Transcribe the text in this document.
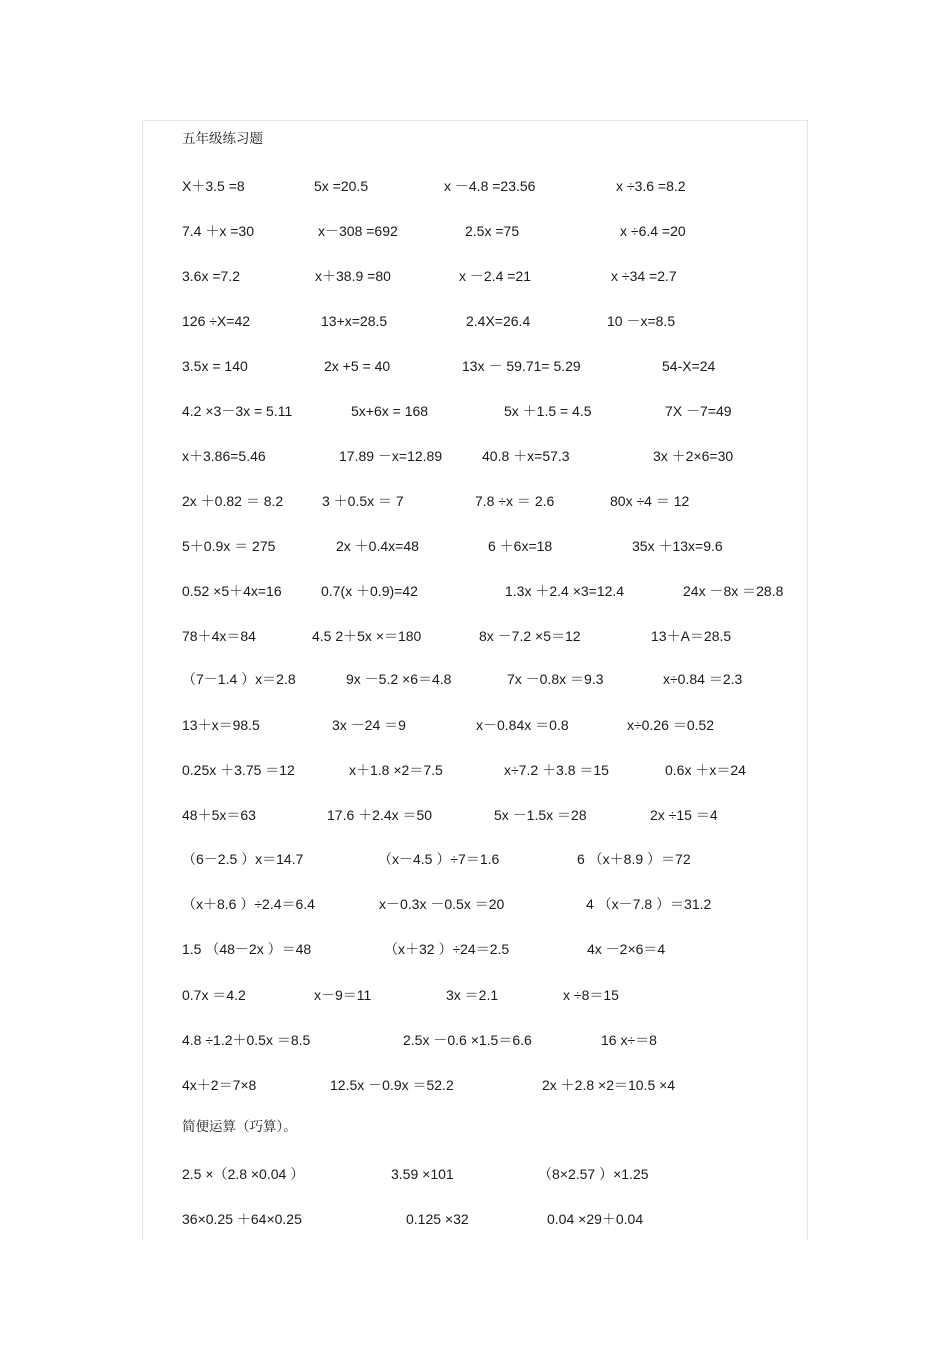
五年级练习题
X＋3.5 =8	5x =20.5	x －4.8 =23.56	x ÷3.6 =8.2
7.4 ＋x =30	x－308 =692	2.5x =75	x ÷6.4 =20
3.6x =7.2	x＋38.9 =80	x －2.4 =21	x ÷34 =2.7
126 ÷X=42	13+x=28.5	2.4X=26.4	10 －x=8.5
3.5x = 140	2x +5 = 40	13x － 59.71= 5.29	54-X=24
4.2 ×3－3x = 5.11	5x+6x = 168	5x ＋1.5 = 4.5	7X －7=49
x＋3.86=5.46	17.89 －x=12.89	40.8 ＋x=57.3	3x ＋2×6=30
2x ＋0.82 ＝ 8.2	3 ＋0.5x ＝ 7	7.8 ÷x ＝ 2.6	80x ÷4 ＝ 12
5＋0.9x ＝ 275	2x ＋0.4x=48	6 ＋6x=18	35x ＋13x=9.6
0.52 ×5＋4x=16	0.7(x ＋0.9)=42	1.3x ＋2.4 ×3=12.4	24x －8x ＝28.8
78＋4x＝84	4.5 2＋5x ×＝180	8x －7.2 ×5＝12	13＋A＝28.5
（7－1.4 ）x＝2.8	9x －5.2 ×6＝4.8	7x －0.8x ＝9.3	x÷0.84 ＝2.3
13＋x＝98.5	3x －24 ＝9	x－0.84x ＝0.8	x÷0.26 ＝0.52
0.25x ＋3.75 ＝12	x＋1.8 ×2＝7.5	x÷7.2 ＋3.8 ＝15	0.6x ＋x＝24
48＋5x＝63	17.6 ＋2.4x ＝50	5x －1.5x ＝28	2x ÷15 ＝4
（6－2.5 ）x＝14.7	（x－4.5 ）÷7＝1.6	6 （x＋8.9 ）＝72
（x＋8.6 ）÷2.4＝6.4	x－0.3x －0.5x ＝20	4 （x－7.8 ）＝31.2
1.5 （48－2x ）＝48	（x＋32 ）÷24＝2.5	4x －2×6＝4
0.7x ＝4.2	x－9＝11	3x ＝2.1	x ÷8＝15
4.8 ÷1.2＋0.5x ＝8.5	2.5x －0.6 ×1.5＝6.6	16 x÷＝8
4x＋2＝7×8	12.5x －0.9x ＝52.2	2x ＋2.8 ×2＝10.5 ×4
简便运算（巧算）。
2.5 ×（2.8 ×0.04 ）	3.59 ×101	（8×2.57 ）×1.25
36×0.25 ＋64×0.25	0.125 ×32	0.04 ×29＋0.04
